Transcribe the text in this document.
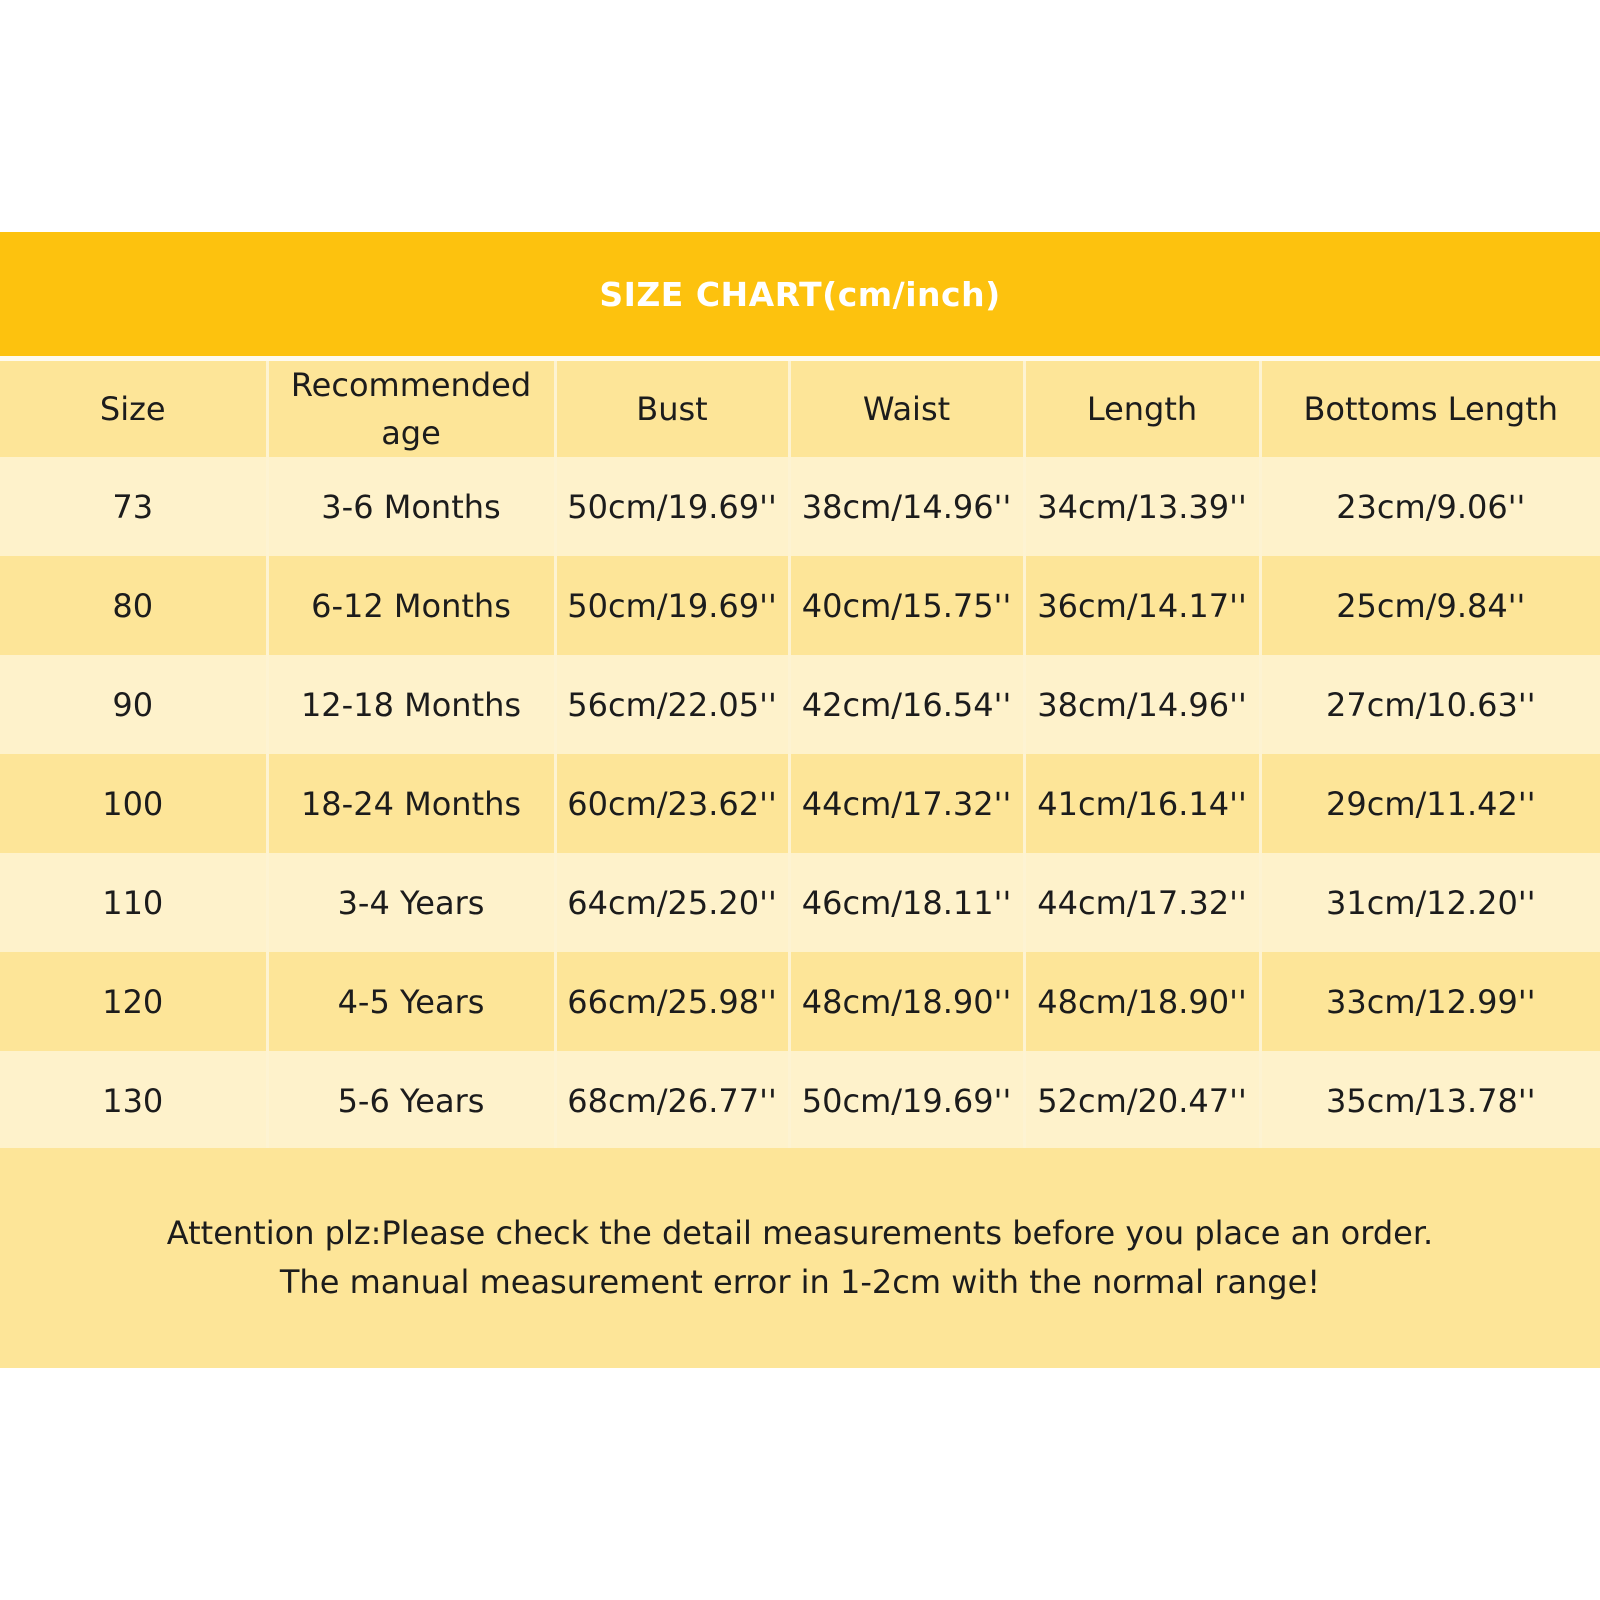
SIZE CHART(cm/inch)
Size	Recommended age	Bust	Waist	Length	Bottoms Length
73	3-6 Months	50cm/19.69''	38cm/14.96''	34cm/13.39''	23cm/9.06''
80	6-12 Months	50cm/19.69''	40cm/15.75''	36cm/14.17''	25cm/9.84''
90	12-18 Months	56cm/22.05''	42cm/16.54''	38cm/14.96''	27cm/10.63''
100	18-24 Months	60cm/23.62''	44cm/17.32''	41cm/16.14''	29cm/11.42''
110	3-4 Years	64cm/25.20''	46cm/18.11''	44cm/17.32''	31cm/12.20''
120	4-5 Years	66cm/25.98''	48cm/18.90''	48cm/18.90''	33cm/12.99''
130	5-6 Years	68cm/26.77''	50cm/19.69''	52cm/20.47''	35cm/13.78''
Attention plz:Please check the detail measurements before you place an order.
The manual measurement error in 1-2cm with the normal range!
